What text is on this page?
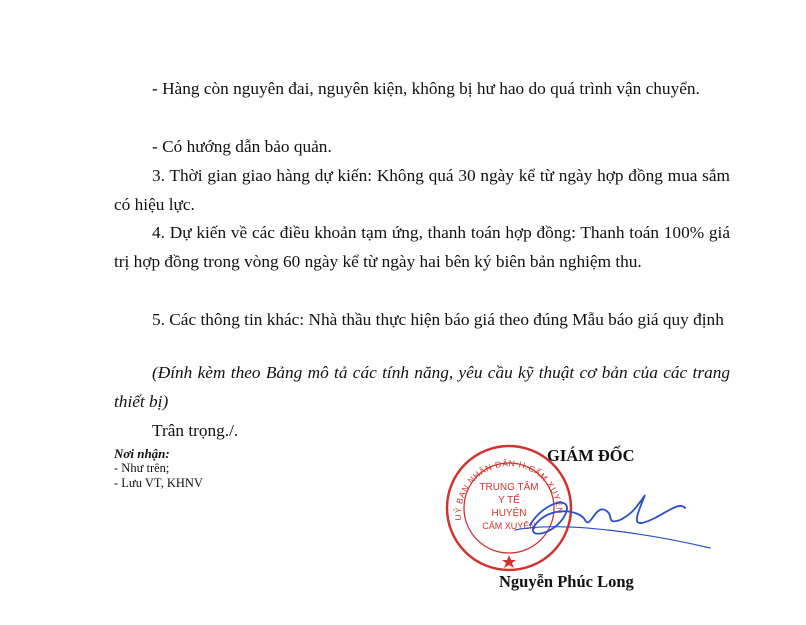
- Hàng còn nguyên đai, nguyên kiện, không bị hư hao do quá trình vận chuyển.

- Có hướng dẫn bảo quản.

3. Thời gian giao hàng dự kiến: Không quá 30 ngày kể từ ngày hợp đồng mua sắm có hiệu lực.

4. Dự kiến về các điều khoản tạm ứng, thanh toán hợp đồng: Thanh toán 100% giá trị hợp đồng trong vòng 60 ngày kể từ ngày hai bên ký biên bản nghiệm thu.

5. Các thông tin khác: Nhà thầu thực hiện báo giá theo đúng Mẫu báo giá quy định

(Đính kèm theo Bảng mô tả các tính năng, yêu cầu kỹ thuật cơ bản của các trang thiết bị)

Trân trọng./.

Nơi nhận:
- Như trên;
- Lưu VT, KHNV
UỶ BAN NHÂN DÂN H.CẨM XUYÊN
TRUNG TÂM
Y TẾ
HUYỆN
CẨM XUYÊN
GIÁM ĐỐC
Nguyễn Phúc Long
